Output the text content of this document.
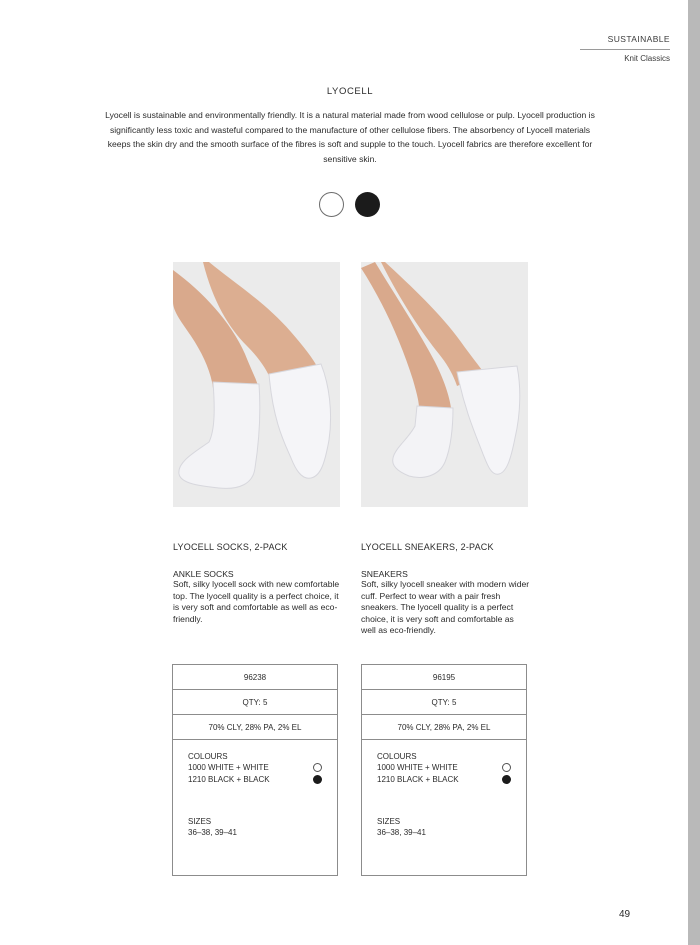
SUSTAINABLE
Knit Classics
LYOCELL
Lyocell is sustainable and environmentally friendly. It is a natural material made from wood cellulose or pulp. Lyocell production is significantly less toxic and wasteful compared to the manufacture of other cellulose fibers. The absorbency of Lyocell materials keeps the skin dry and the smooth surface of the fibres is soft and supple to the touch. Lyocell fabrics are therefore excellent for sensitive skin.
LYOCELL SOCKS, 2-PACK
ANKLE SOCKS
Soft, silky lyocell sock with new comfortable top. The lyocell quality is a perfect choice, it is very soft and comfortable as well as eco-friendly.
LYOCELL SNEAKERS, 2-PACK
SNEAKERS
Soft, silky lyocell sneaker with modern wider cuff. Perfect to wear with a pair fresh sneakers. The lyocell quality is a perfect choice, it is very soft and comfortable as well as eco-friendly.
96238
QTY: 5
70% CLY, 28% PA, 2% EL
COLOURS
1000 WHITE + WHITE
1210 BLACK + BLACK
SIZES
36–38, 39–41
96195
QTY: 5
70% CLY, 28% PA, 2% EL
COLOURS
1000 WHITE + WHITE
1210 BLACK + BLACK
SIZES
36–38, 39–41
49
